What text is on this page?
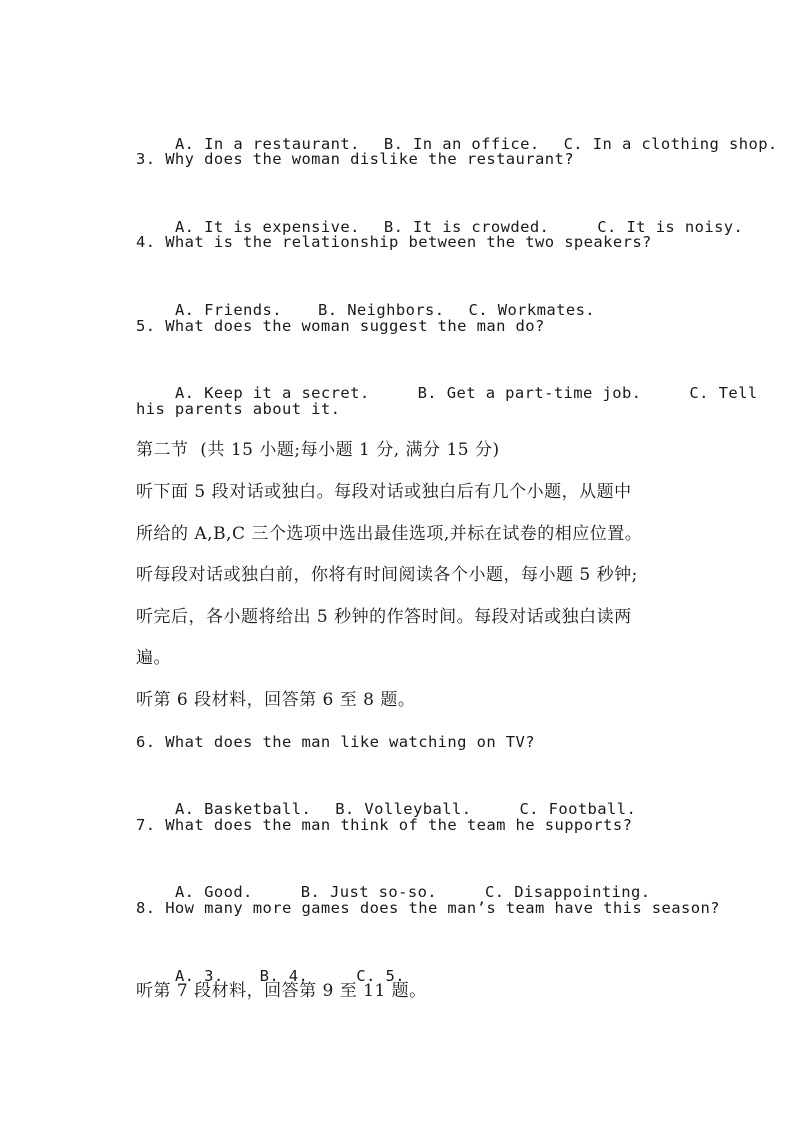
A. In a restaurant. B. In an office. C. In a clothing shop.

3. Why does the woman dislike the restaurant?

A. It is expensive. B. It is crowded.	C. It is noisy.

4. What is the relationship between the two speakers?

A. Friends. B. Neighbors. C. Workmates.

5. What does the woman suggest the man do?

A. Keep it a secret.	B. Get a part-time job.	C. Tell

his parents about it.
第二节  (共 15 小题;每小题 1 分, 满分 15 分)
听下面 5 段对话或独白。每段对话或独白后有几个小题，从题中
所给的 A,B,C 三个选项中选出最佳选项,并标在试卷的相应位置。
听每段对话或独白前，你将有时间阅读各个小题，每小题 5 秒钟;
听完后，各小题将给出 5 秒钟的作答时间。每段对话或独白读两
遍。
听第 6 段材料，回答第 6 至 8 题。
6. What does the man like watching on TV?

A. Basketball. B. Volleyball.	C. Football.

7. What does the man think of the team he supports?

A. Good.	B. Just so-so.	C. Disappointing.

8. How many more games does the man’s team have this season?

A. 3. B. 4.	C. 5.

听第 7 段材料，回答第 9 至 11 题。
